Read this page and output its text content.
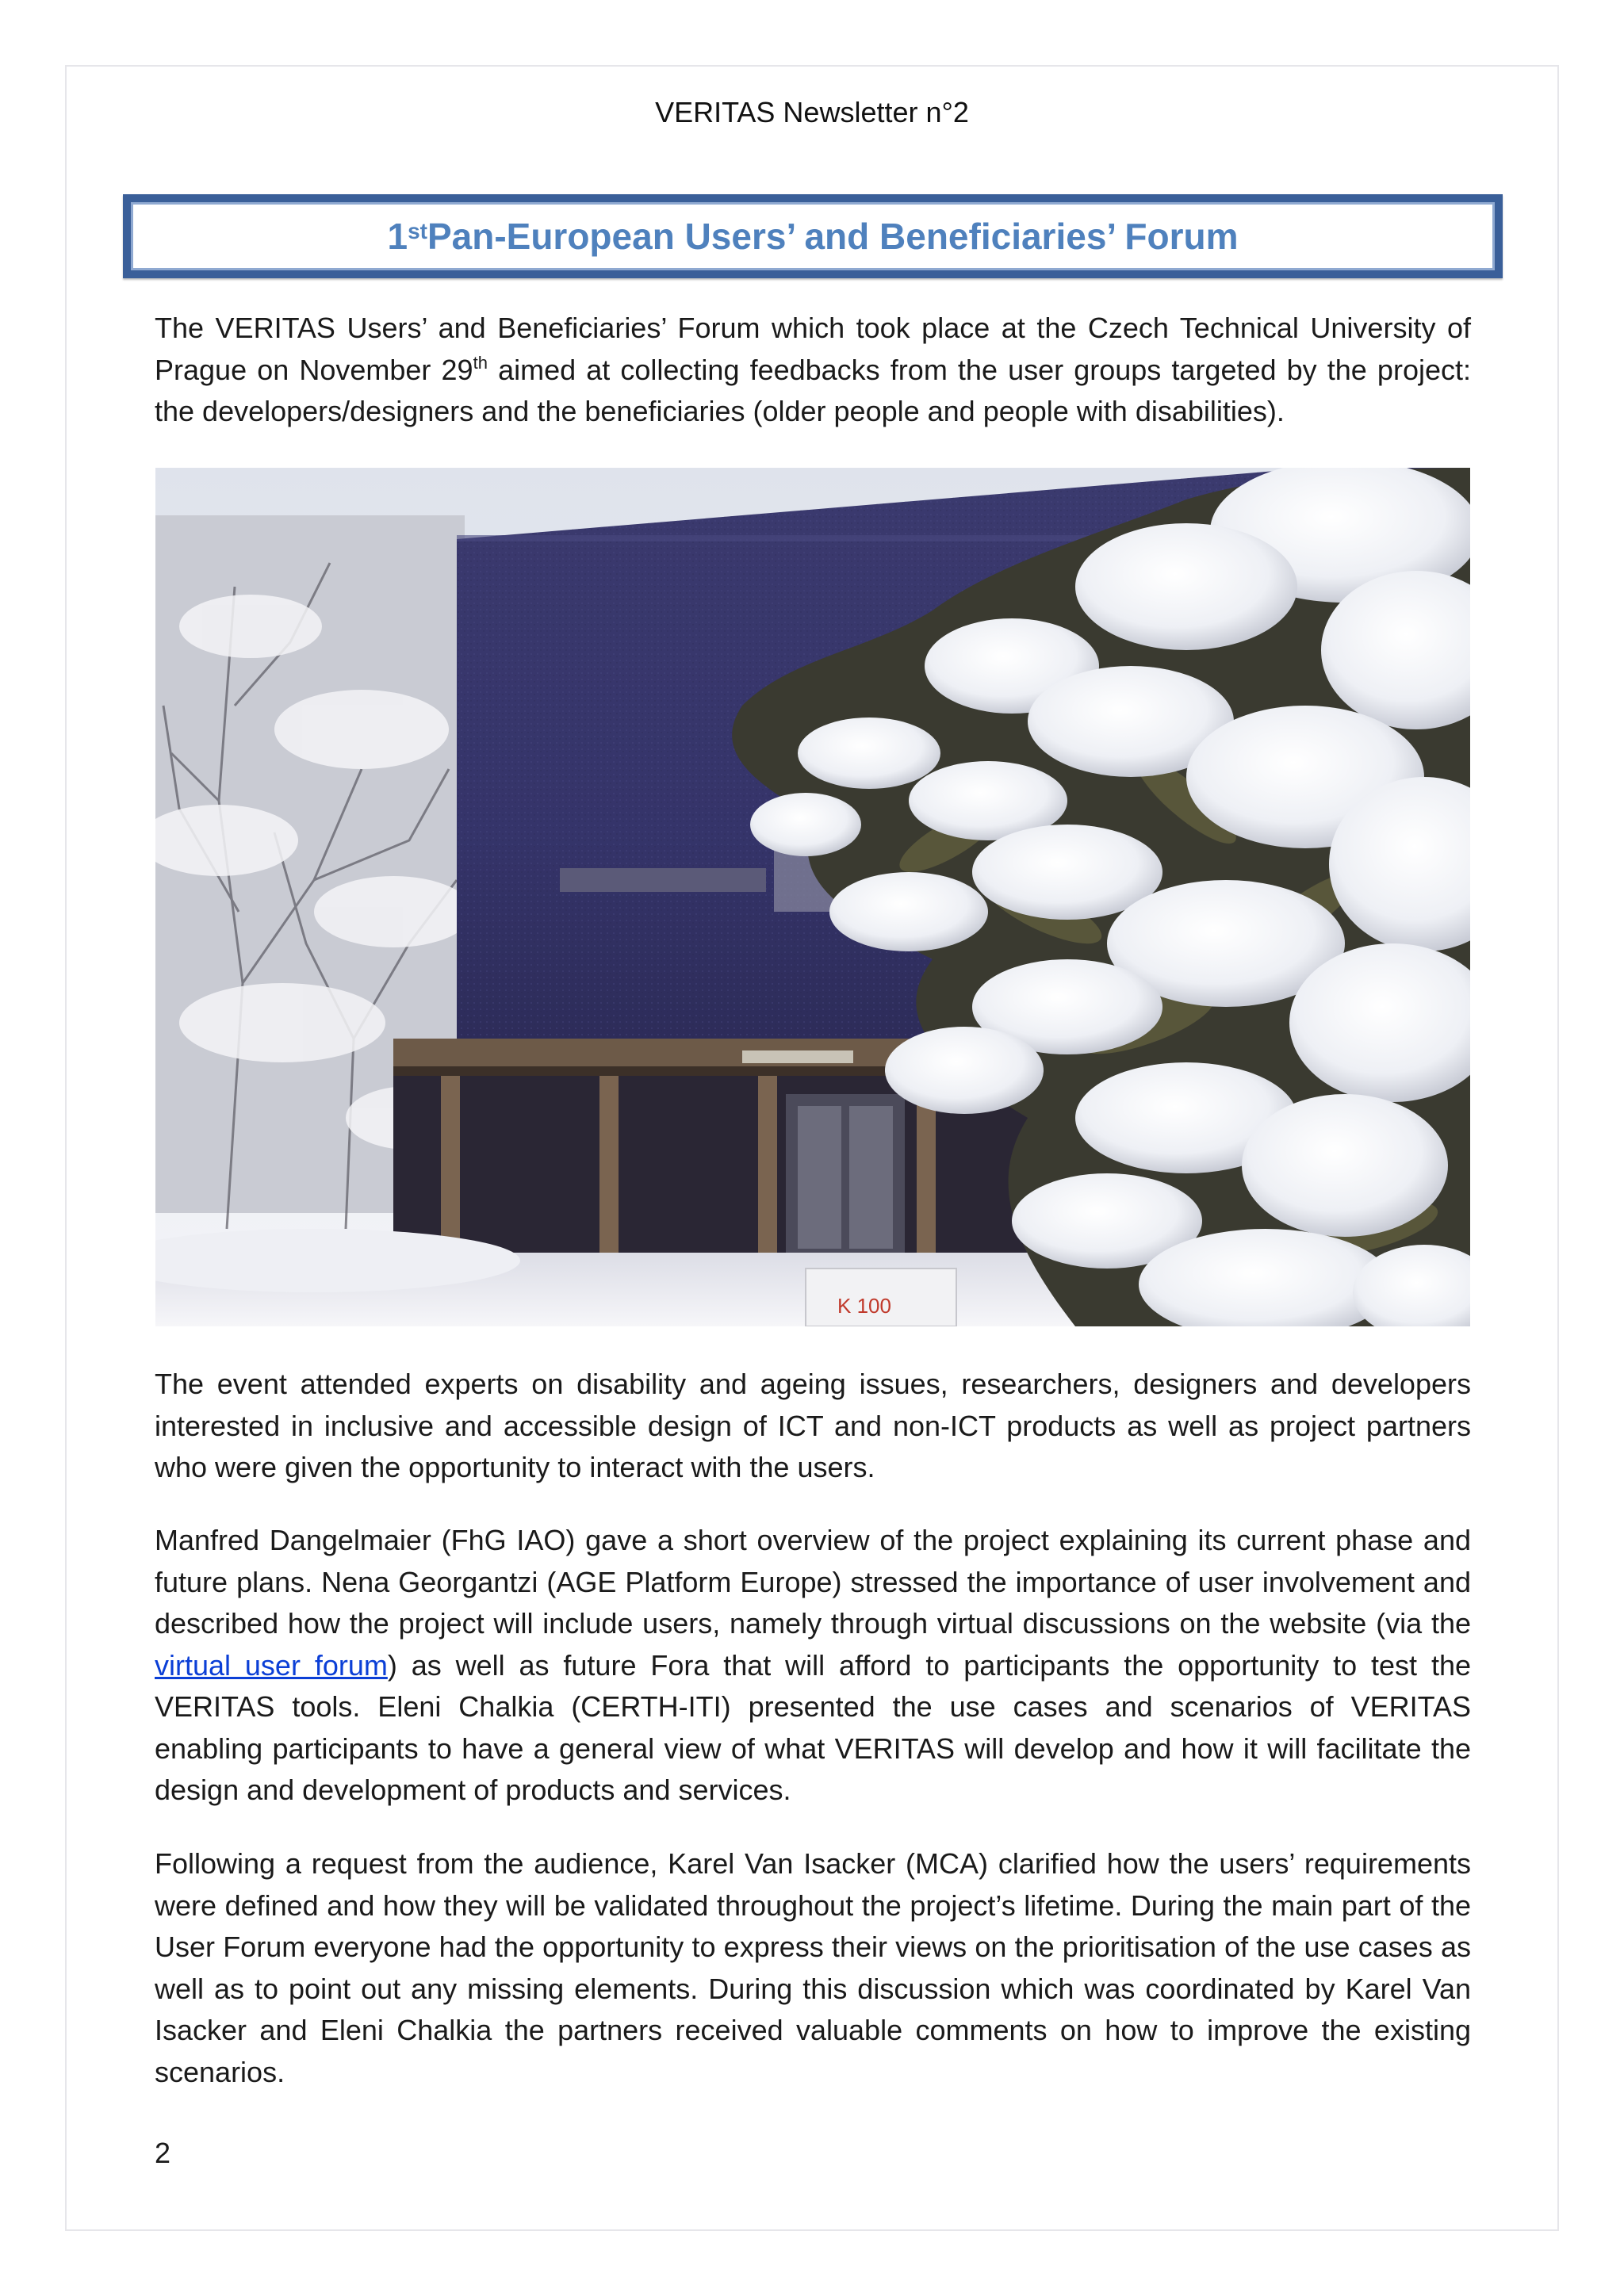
VERITAS Newsletter n°2
1st Pan-European Users’ and Beneficiaries’ Forum

The VERITAS Users’ and Beneficiaries’ Forum which took place at the Czech Technical University of Prague on November 29th aimed at collecting feedbacks from the user groups targeted by the project: the developers/designers and the beneficiaries (older people and people with disabilities).

K 100

The event attended experts on disability and ageing issues, researchers, designers and developers interested in inclusive and accessible design of ICT and non-ICT products as well as project partners who were given the opportunity to interact with the users.

Manfred Dangelmaier (FhG IAO) gave a short overview of the project explaining its current phase and future plans. Nena Georgantzi (AGE Platform Europe) stressed the importance of user involvement and described how the project will include users, namely through virtual discussions on the website (via the virtual user forum) as well as future Fora that will afford to participants the opportunity to test the VERITAS tools. Eleni Chalkia (CERTH-ITI) presented the use cases and scenarios of VERITAS enabling participants to have a general view of what VERITAS will develop and how it will facilitate the design and development of products and services.

Following a request from the audience, Karel Van Isacker (MCA) clarified how the users’ requirements were defined and how they will be validated throughout the project’s lifetime. During the main part of the User Forum everyone had the opportunity to express their views on the prioritisation of the use cases as well as to point out any missing elements. During this discussion which was coordinated by Karel Van Isacker and Eleni Chalkia the partners received valuable comments on how to improve the existing scenarios.

2
